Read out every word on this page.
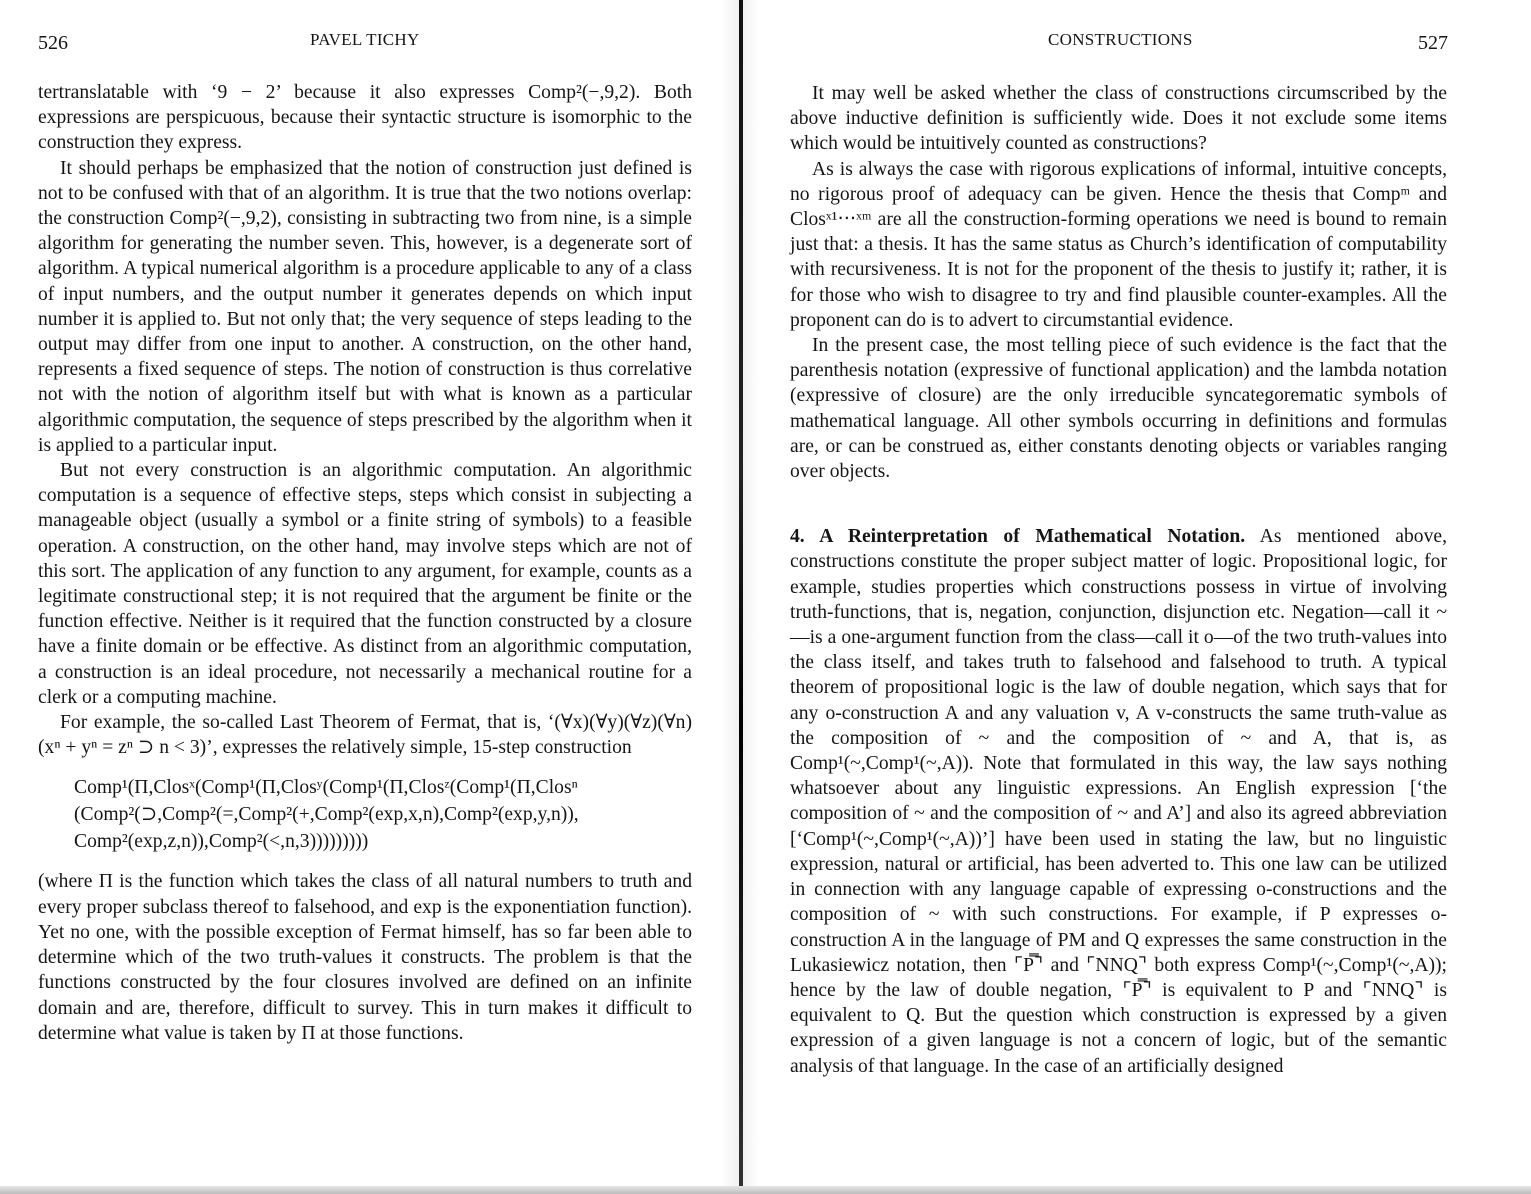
526	PAVEL TICHY

tertranslatable with ‘9 − 2’ because it also expresses Comp²(−,9,2). Both expressions are perspicuous, because their syntactic structure is isomorphic to the construction they express.

It should perhaps be emphasized that the notion of construction just defined is not to be confused with that of an algorithm. It is true that the two notions overlap: the construction Comp²(−,9,2), consisting in subtracting two from nine, is a simple algorithm for generating the number seven. This, however, is a degenerate sort of algorithm. A typical numerical algorithm is a procedure applicable to any of a class of input numbers, and the output number it generates depends on which input number it is applied to. But not only that; the very sequence of steps leading to the output may differ from one input to another. A construction, on the other hand, represents a fixed sequence of steps. The notion of construction is thus correlative not with the notion of algorithm itself but with what is known as a particular algorithmic computation, the sequence of steps prescribed by the algorithm when it is applied to a particular input.

But not every construction is an algorithmic computation. An algorithmic computation is a sequence of effective steps, steps which consist in subjecting a manageable object (usually a symbol or a finite string of symbols) to a feasible operation. A construction, on the other hand, may involve steps which are not of this sort. The application of any function to any argument, for example, counts as a legitimate constructional step; it is not required that the argument be finite or the function effective. Neither is it required that the function constructed by a closure have a finite domain or be effective. As distinct from an algorithmic computation, a construction is an ideal procedure, not necessarily a mechanical routine for a clerk or a computing machine.

For example, the so-called Last Theorem of Fermat, that is, ‘(∀x)(∀y)(∀z)(∀n)(xⁿ + yⁿ = zⁿ ⊃ n < 3)’, expresses the relatively simple, 15-step construction

Comp¹(Π,Closˣ(Comp¹(Π,Closʸ(Comp¹(Π,Closᶻ(Comp¹(Π,Closⁿ
(Comp²(⊃,Comp²(=,Comp²(+,Comp²(exp,x,n),Comp²(exp,y,n)),
Comp²(exp,z,n)),Comp²(<,n,3)))))))))

(where Π is the function which takes the class of all natural numbers to truth and every proper subclass thereof to falsehood, and exp is the exponentiation function). Yet no one, with the possible exception of Fermat himself, has so far been able to determine which of the two truth-values it constructs. The problem is that the functions constructed by the four closures involved are defined on an infinite domain and are, therefore, difficult to survey. This in turn makes it difficult to determine what value is taken by Π at those functions.

CONSTRUCTIONS	527

It may well be asked whether the class of constructions circumscribed by the above inductive definition is sufficiently wide. Does it not exclude some items which would be intuitively counted as constructions?

As is always the case with rigorous explications of informal, intuitive concepts, no rigorous proof of adequacy can be given. Hence the thesis that Compᵐ and Closˣ¹‧‧‧ˣᵐ are all the construction-forming operations we need is bound to remain just that: a thesis. It has the same status as Church’s identification of computability with recursiveness. It is not for the proponent of the thesis to justify it; rather, it is for those who wish to disagree to try and find plausible counter-examples. All the proponent can do is to advert to circumstantial evidence.

In the present case, the most telling piece of such evidence is the fact that the parenthesis notation (expressive of functional application) and the lambda notation (expressive of closure) are the only irreducible syncategorematic symbols of mathematical language. All other symbols occurring in definitions and formulas are, or can be construed as, either constants denoting objects or variables ranging over objects.

4. A Reinterpretation of Mathematical Notation. As mentioned above, constructions constitute the proper subject matter of logic. Propositional logic, for example, studies properties which constructions possess in virtue of involving truth-functions, that is, negation, conjunction, disjunction etc. Negation—call it ~—is a one-argument function from the class—call it o—of the two truth-values into the class itself, and takes truth to falsehood and falsehood to truth. A typical theorem of propositional logic is the law of double negation, which says that for any o-construction A and any valuation v, A v-constructs the same truth-value as the composition of ~ and the composition of ~ and A, that is, as Comp¹(~,Comp¹(~,A)). Note that formulated in this way, the law says nothing whatsoever about any linguistic expressions. An English expression [‘the composition of ~ and the composition of ~ and A’] and also its agreed abbreviation [‘Comp¹(~,Comp¹(~,A))’] have been used in stating the law, but no linguistic expression, natural or artificial, has been adverted to. This one law can be utilized in connection with any language capable of expressing o-constructions and the composition of ~ with such constructions. For example, if P expresses o-construction A in the language of PM and Q expresses the same construction in the Lukasiewicz notation, then ⌜P̿⌝ and ⌜NNQ⌝ both express Comp¹(~,Comp¹(~,A)); hence by the law of double negation, ⌜P̿⌝ is equivalent to P and ⌜NNQ⌝ is equivalent to Q. But the question which construction is expressed by a given expression of a given language is not a concern of logic, but of the semantic analysis of that language. In the case of an artificially designed
